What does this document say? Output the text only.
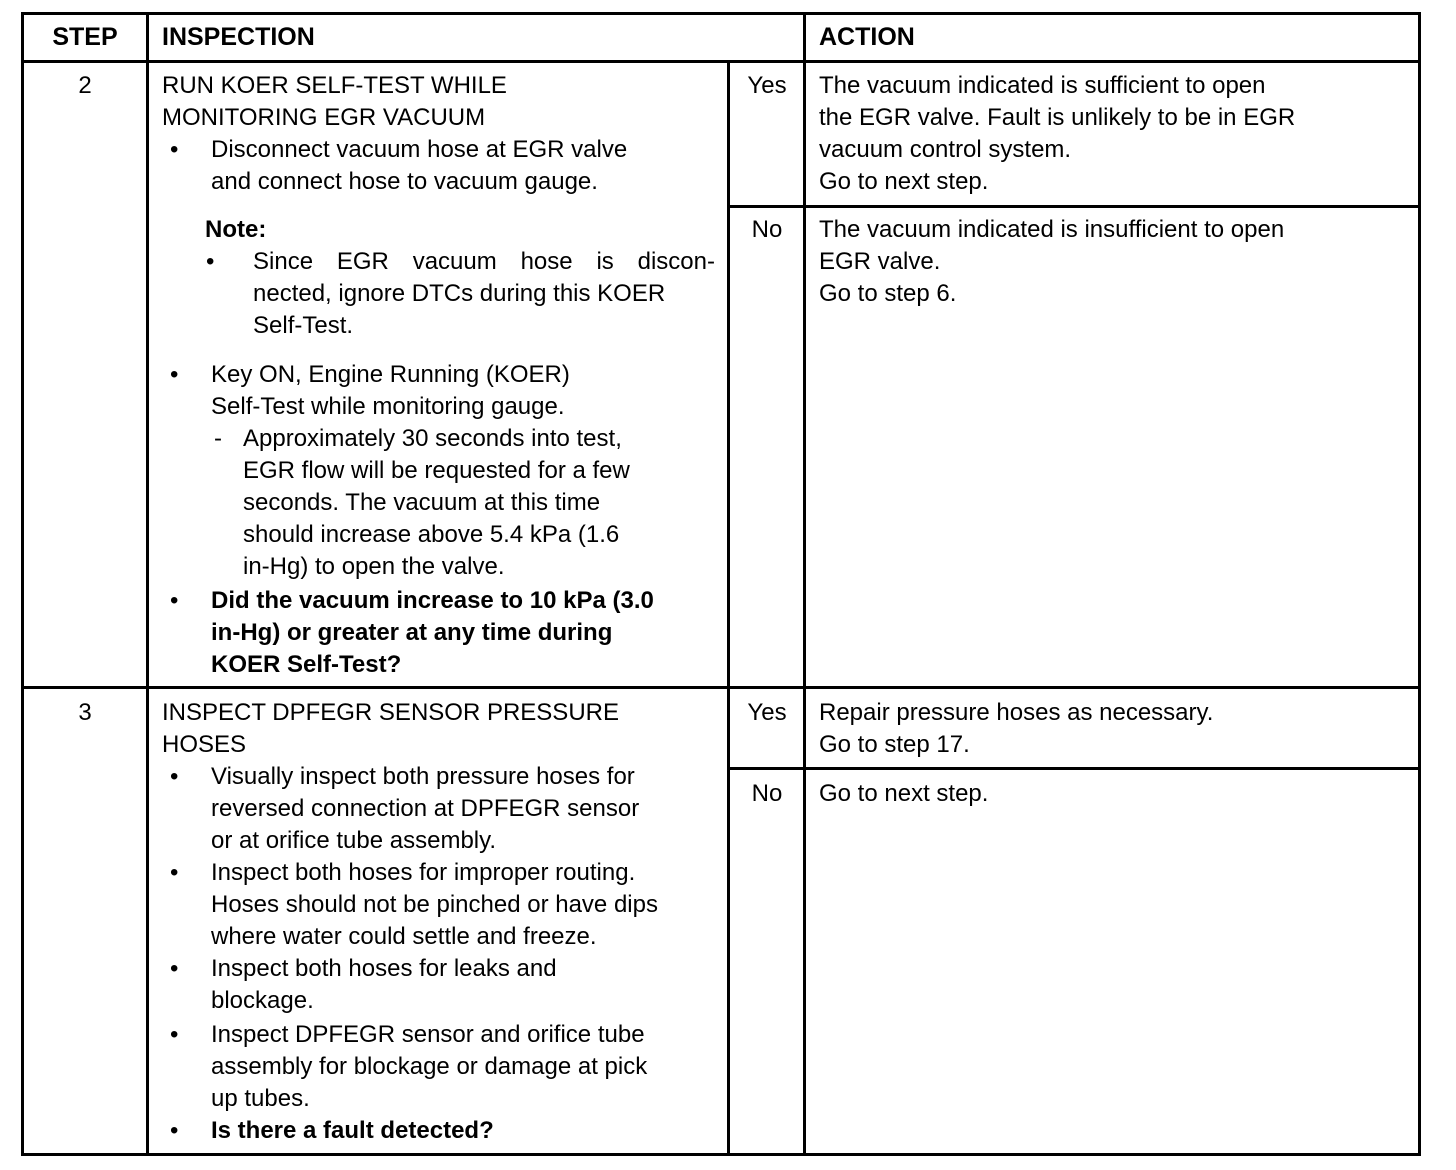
STEP	INSPECTION	ACTION
2	RUN KOER SELF-TEST WHILE
MONITORING EGR VACUUM
• Disconnect vacuum hose at EGR valve
and connect hose to vacuum gauge.
Note:
• Since EGR vacuum hose is discon-
nected, ignore DTCs during this KOER
Self-Test.
• Key ON, Engine Running (KOER)
Self-Test while monitoring gauge.
- Approximately 30 seconds into test,
EGR flow will be requested for a few
seconds. The vacuum at this time
should increase above 5.4 kPa (1.6
in-Hg) to open the valve.
• Did the vacuum increase to 10 kPa (3.0
in-Hg) or greater at any time during
KOER Self-Test?
Yes	The vacuum indicated is sufficient to open
the EGR valve. Fault is unlikely to be in EGR
vacuum control system.
Go to next step.
No	The vacuum indicated is insufficient to open
EGR valve.
Go to step 6.
3	INSPECT DPFEGR SENSOR PRESSURE
HOSES
• Visually inspect both pressure hoses for
reversed connection at DPFEGR sensor
or at orifice tube assembly.
• Inspect both hoses for improper routing.
Hoses should not be pinched or have dips
where water could settle and freeze.
• Inspect both hoses for leaks and
blockage.
• Inspect DPFEGR sensor and orifice tube
assembly for blockage or damage at pick
up tubes.
• Is there a fault detected?
Yes	Repair pressure hoses as necessary.
Go to step 17.
No	Go to next step.
